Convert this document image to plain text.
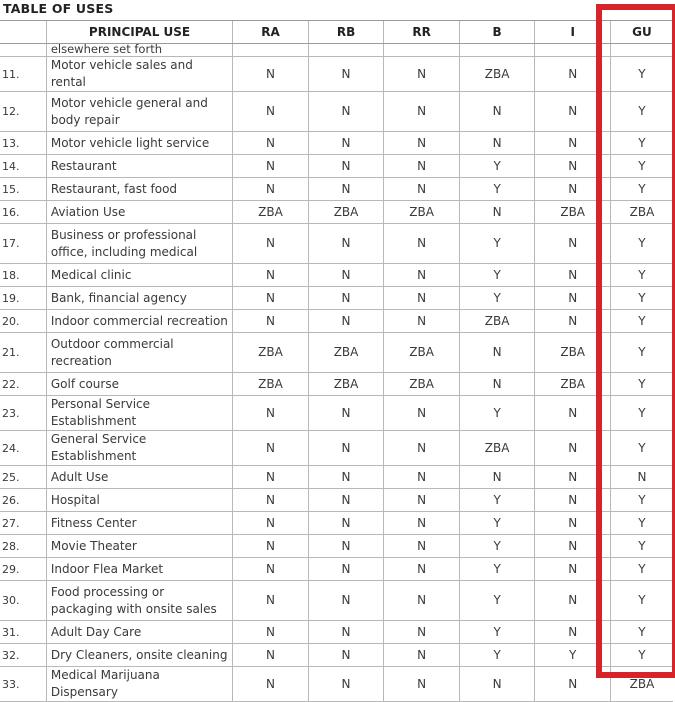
TABLE OF USES
	PRINCIPAL USE	RA	RB	RR	B	I	GU
	elsewhere set forth						
11.	Motor vehicle sales and rental	N	N	N	ZBA	N	Y
12.	Motor vehicle general and body repair	N	N	N	N	N	Y
13.	Motor vehicle light service	N	N	N	N	N	Y
14.	Restaurant	N	N	N	Y	N	Y
15.	Restaurant, fast food	N	N	N	Y	N	Y
16.	Aviation Use	ZBA	ZBA	ZBA	N	ZBA	ZBA
17.	Business or professional office, including medical	N	N	N	Y	N	Y
18.	Medical clinic	N	N	N	Y	N	Y
19.	Bank, financial agency	N	N	N	Y	N	Y
20.	Indoor commercial recreation	N	N	N	ZBA	N	Y
21.	Outdoor commercial recreation	ZBA	ZBA	ZBA	N	ZBA	Y
22.	Golf course	ZBA	ZBA	ZBA	N	ZBA	Y
23.	Personal Service Establishment	N	N	N	Y	N	Y
24.	General Service Establishment	N	N	N	ZBA	N	Y
25.	Adult Use	N	N	N	N	N	N
26.	Hospital	N	N	N	Y	N	Y
27.	Fitness Center	N	N	N	Y	N	Y
28.	Movie Theater	N	N	N	Y	N	Y
29.	Indoor Flea Market	N	N	N	Y	N	Y
30.	Food processing or packaging with onsite sales	N	N	N	Y	N	Y
31.	Adult Day Care	N	N	N	Y	N	Y
32.	Dry Cleaners, onsite cleaning	N	N	N	Y	Y	Y
33.	Medical Marijuana Dispensary	N	N	N	N	N	ZBA
